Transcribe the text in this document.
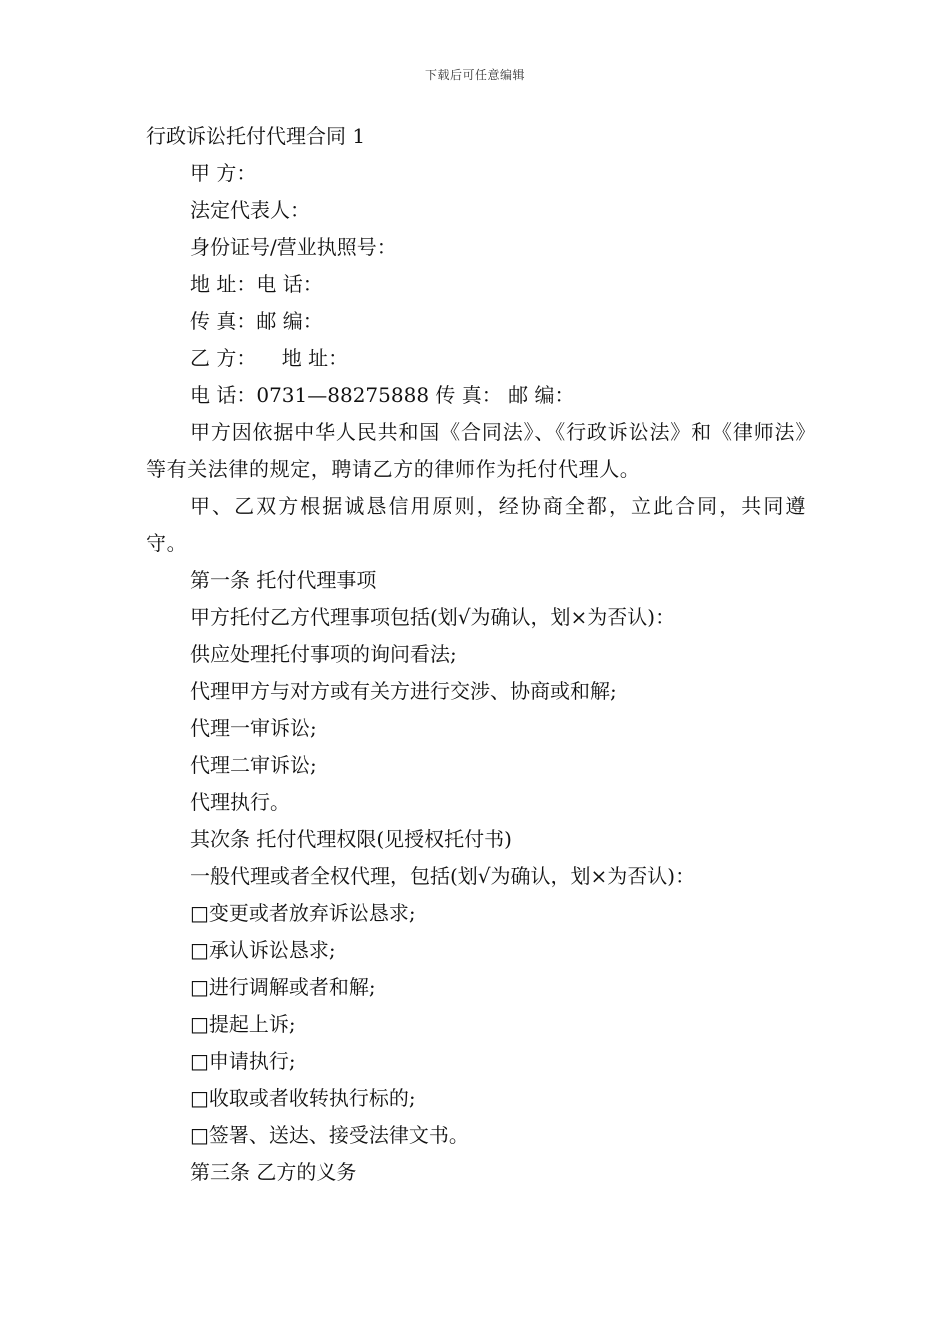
下载后可任意编辑
行政诉讼托付代理合同 1
甲 方：
法定代表人：
身份证号/营业执照号：
地 址：电 话：
传 真：邮 编：
乙 方：    地 址：
电 话：0731—88275888 传 真： 邮 编：
甲方因依据中华人民共和国《合同法》、《行政诉讼法》和《律师法》等有关法律的规定，聘请乙方的律师作为托付代理人。
甲、乙双方根据诚恳信用原则，经协商全都，立此合同，共同遵守。
第一条 托付代理事项
甲方托付乙方代理事项包括(划√为确认，划×为否认)：
供应处理托付事项的询问看法;
代理甲方与对方或有关方进行交涉、协商或和解;
代理一审诉讼;
代理二审诉讼;
代理执行。
其次条 托付代理权限(见授权托付书)
一般代理或者全权代理，包括(划√为确认，划×为否认)：
□变更或者放弃诉讼恳求;
□承认诉讼恳求;
□进行调解或者和解;
□提起上诉;
□申请执行;
□收取或者收转执行标的;
□签署、送达、接受法律文书。
第三条 乙方的义务
